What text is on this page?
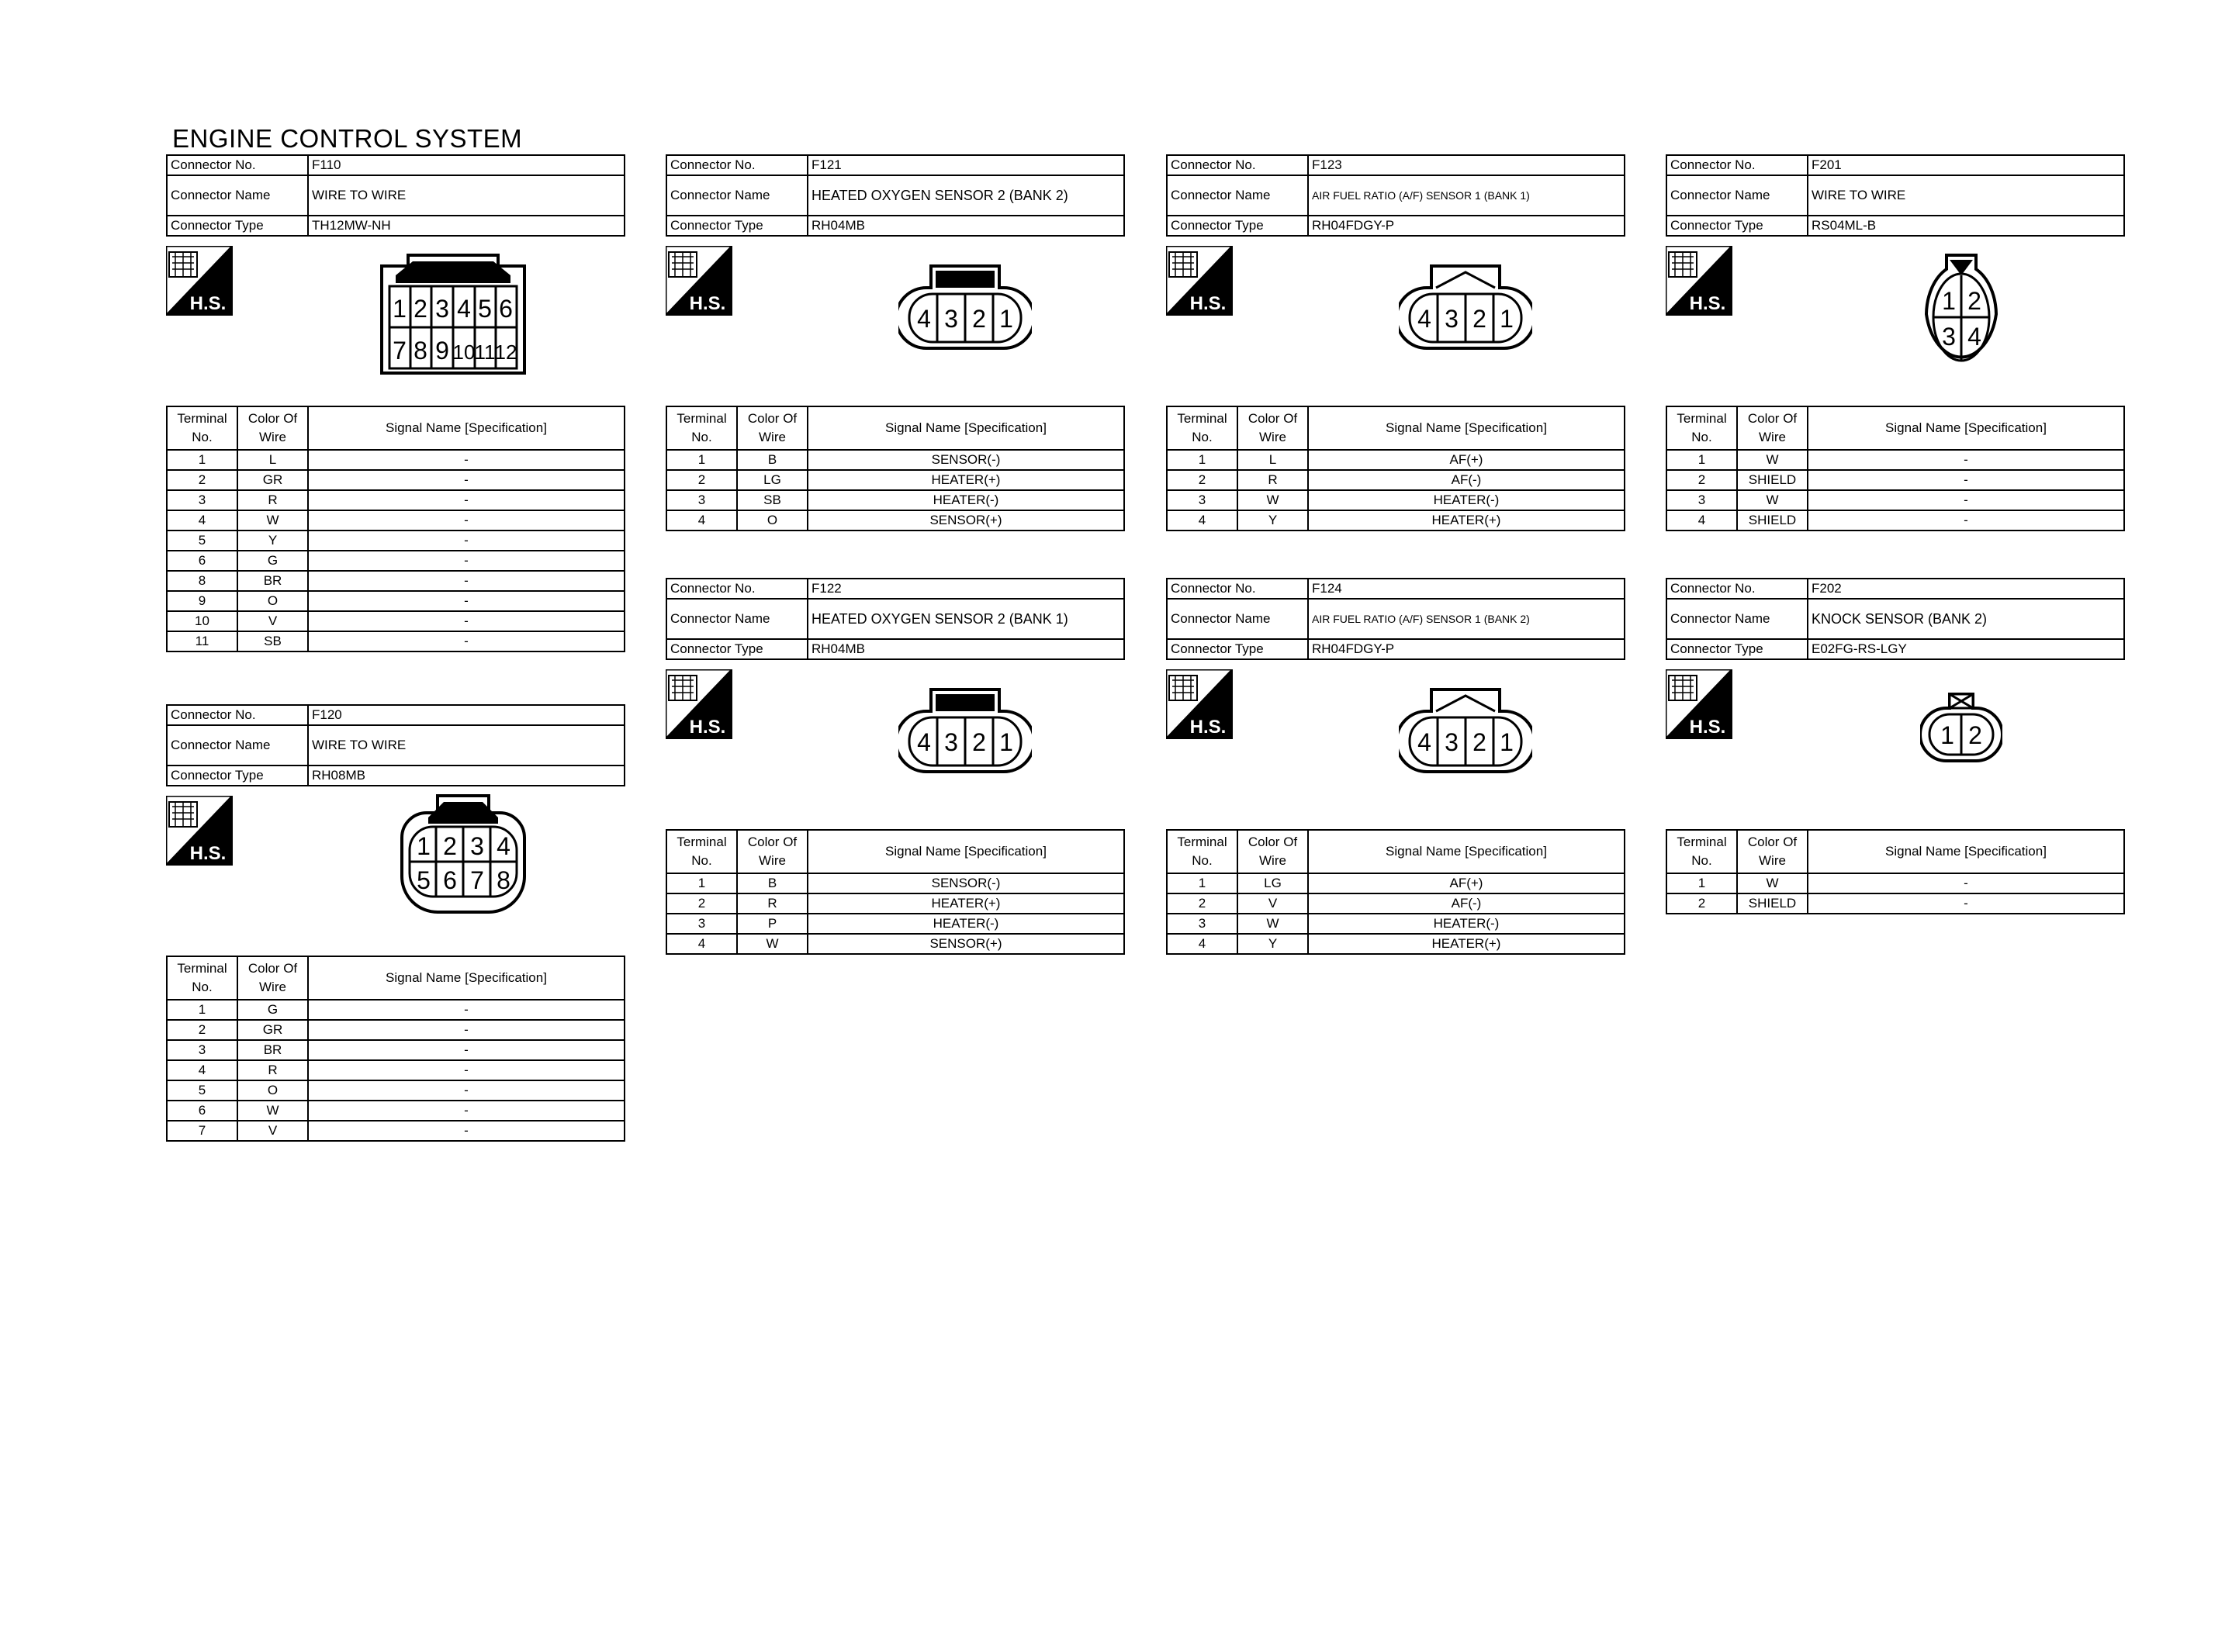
ENGINE CONTROL SYSTEM
Connector No.	F110
Connector Name	WIRE TO WIRE
Connector Type	TH12MW-NH
H.S.	1 2 3 4 5 6
7 8 9 10 11 12
Terminal
No.	Color Of
Wire	Signal Name [Specification]
1	L	-
2	GR	-
3	R	-
4	W	-
5	Y	-
6	G	-
8	BR	-
9	O	-
10	V	-
11	SB	-
Connector No.	F120
Connector Name	WIRE TO WIRE
Connector Type	RH08MB
H.S.	1 2 3 4
5 6 7 8
Terminal
No.	Color Of
Wire	Signal Name [Specification]
1	G	-
2	GR	-
3	BR	-
4	R	-
5	O	-
6	W	-
7	V	-
Connector No.	F121
Connector Name	HEATED OXYGEN SENSOR 2 (BANK 2)
Connector Type	RH04MB
H.S.
4 3 2 1
Terminal
No.	Color Of
Wire	Signal Name [Specification]
1	B	SENSOR(-)
2	LG	HEATER(+)
3	SB	HEATER(-)
4	O	SENSOR(+)
Connector No.	F122
Connector Name	HEATED OXYGEN SENSOR 2 (BANK 1)
Connector Type	RH04MB
H.S.
4 3 2 1
Terminal
No.	Color Of
Wire	Signal Name [Specification]
1	B	SENSOR(-)
2	R	HEATER(+)
3	P	HEATER(-)
4	W	SENSOR(+)
Connector No.	F123
Connector Name	AIR FUEL RATIO (A/F) SENSOR 1 (BANK 1)
Connector Type	RH04FDGY-P
H.S.
4 3 2 1
Terminal
No.	Color Of
Wire	Signal Name [Specification]
1	L	AF(+)
2	R	AF(-)
3	W	HEATER(-)
4	Y	HEATER(+)
Connector No.	F124
Connector Name	AIR FUEL RATIO (A/F) SENSOR 1 (BANK 2)
Connector Type	RH04FDGY-P
H.S.
4 3 2 1
Terminal
No.	Color Of
Wire	Signal Name [Specification]
1	LG	AF(+)
2	V	AF(-)
3	W	HEATER(-)
4	Y	HEATER(+)
Connector No.	F201
Connector Name	WIRE TO WIRE
Connector Type	RS04ML-B
H.S.	1 2
3 4
Terminal
No.	Color Of
Wire	Signal Name [Specification]
1	W	-
2	SHIELD	-
3	W	-
4	SHIELD	-
Connector No.	F202
Connector Name	KNOCK SENSOR (BANK 2)
Connector Type	E02FG-RS-LGY
H.S.	1 2
Terminal
No.	Color Of
Wire	Signal Name [Specification]
1	W	-
2	SHIELD	-
